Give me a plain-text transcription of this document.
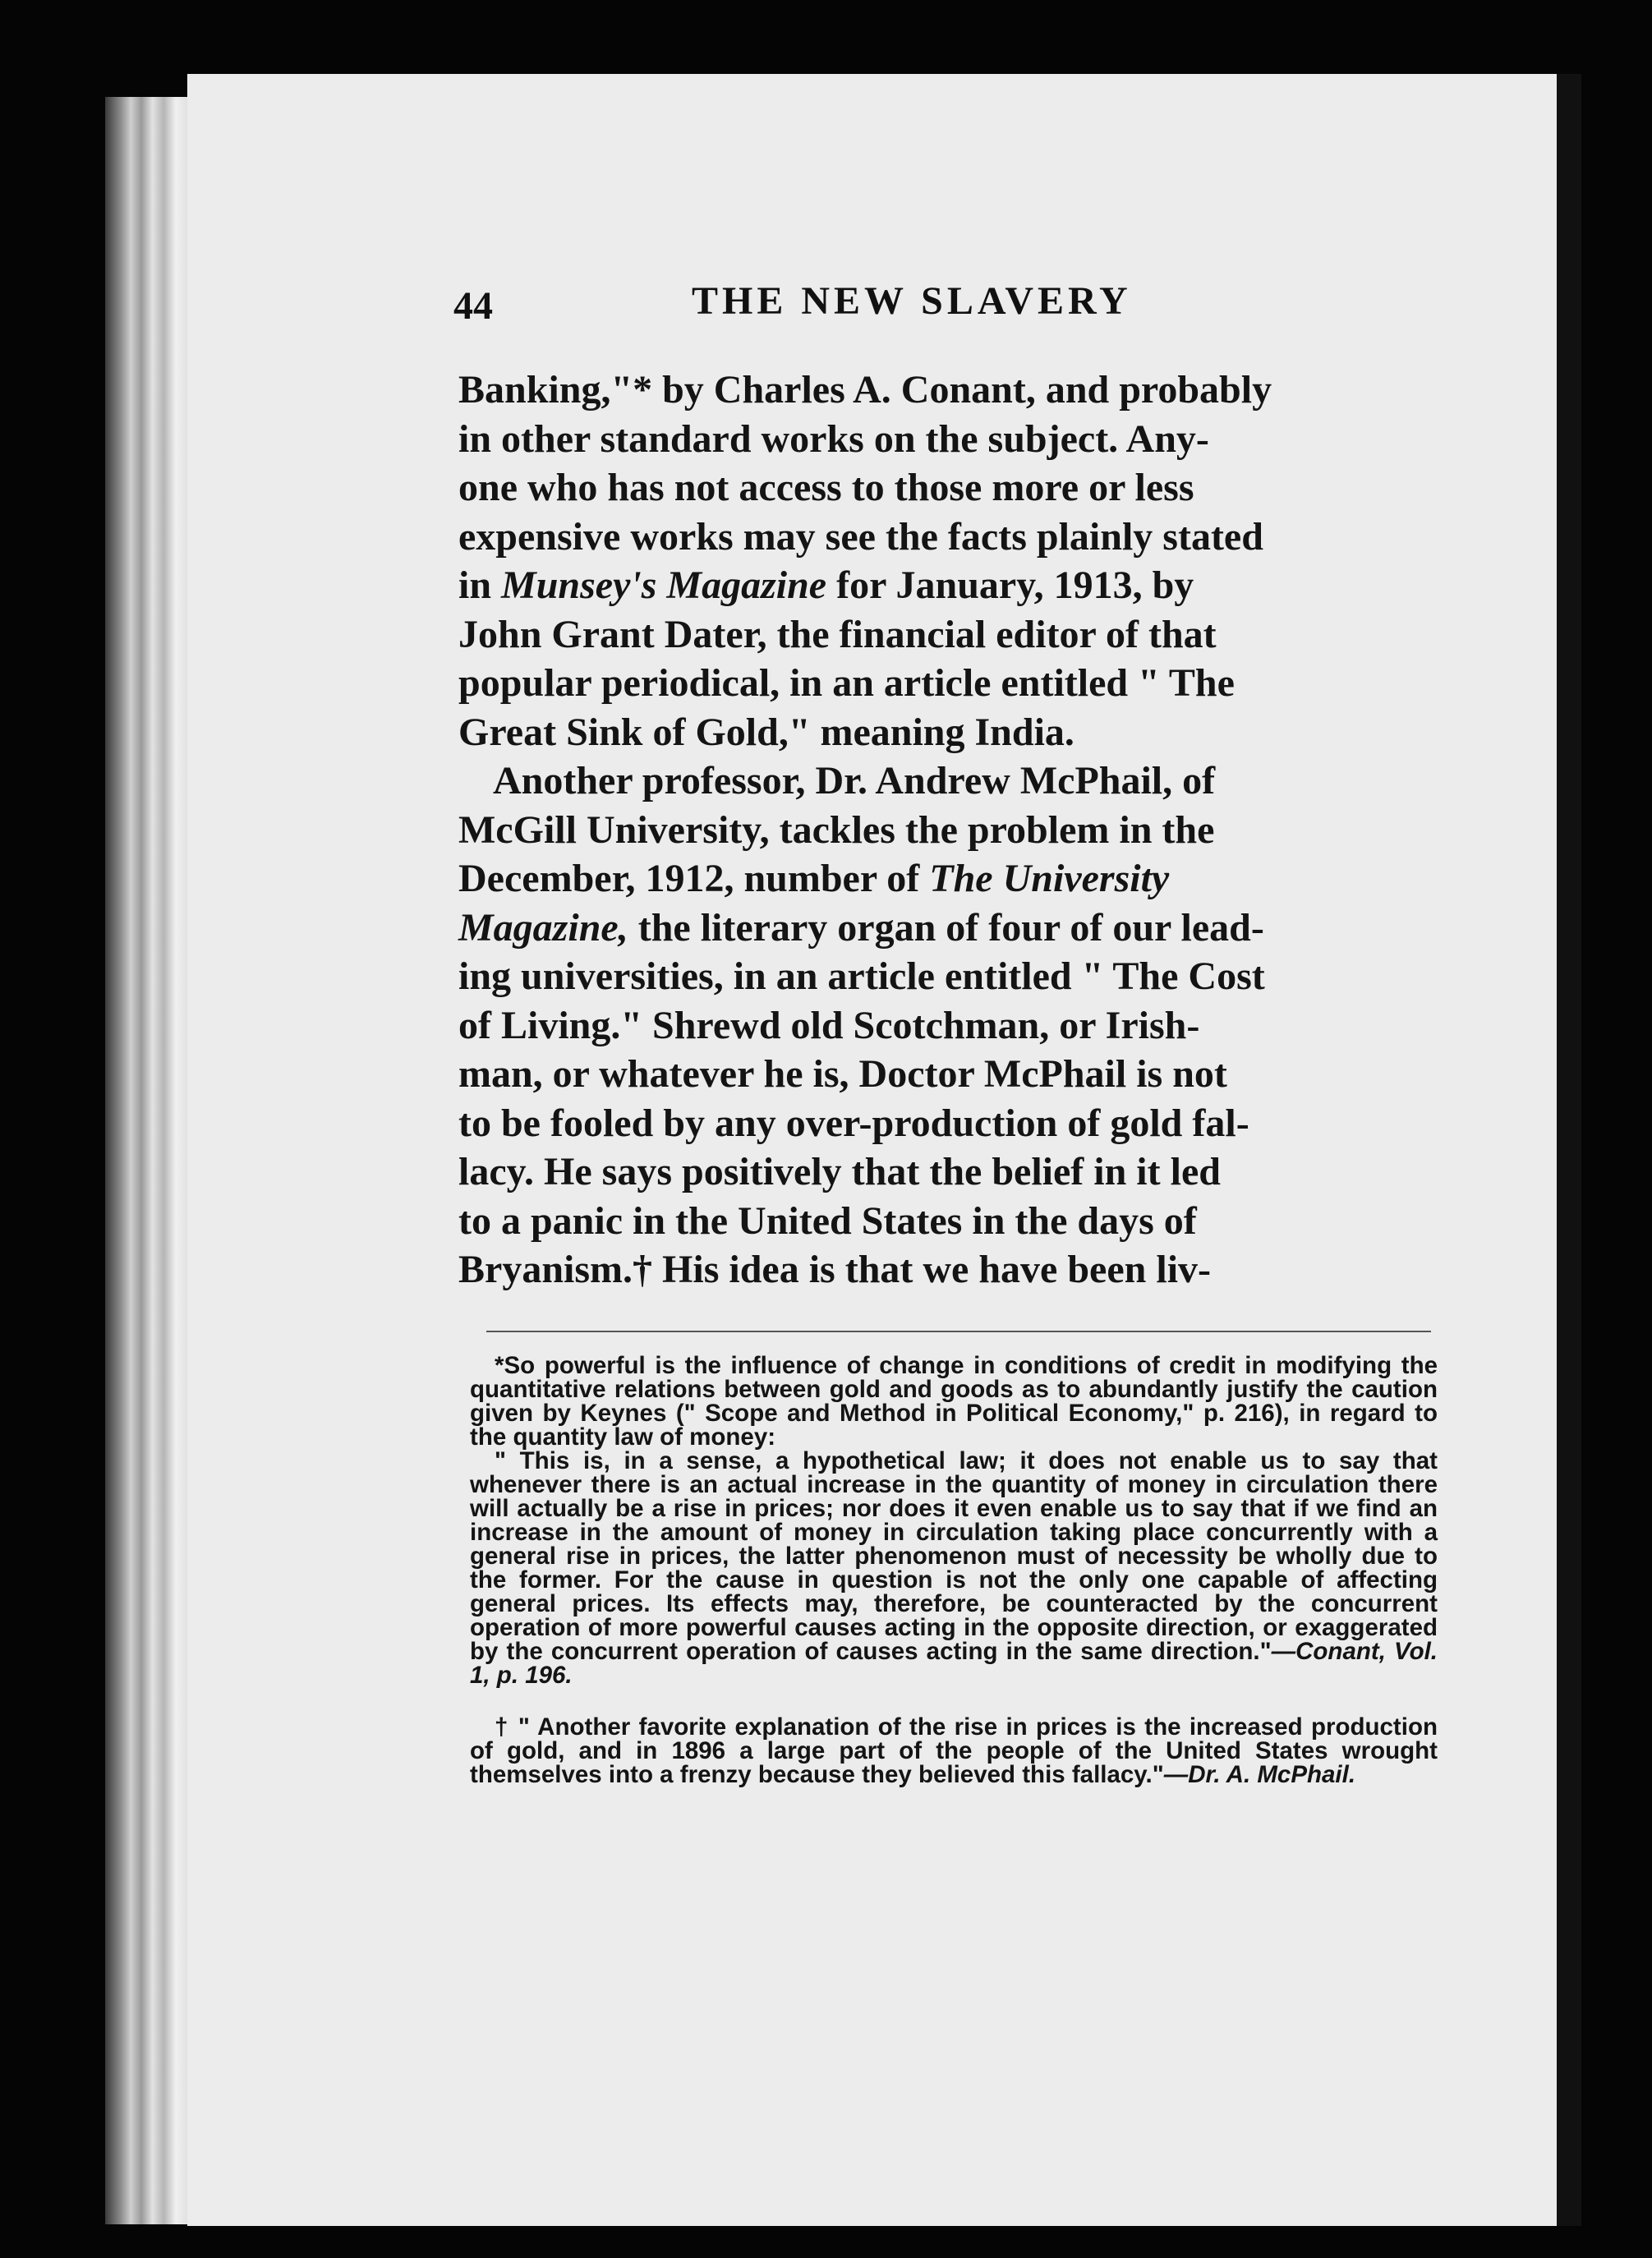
44	THE NEW SLAVERY

Banking,"* by Charles A. Conant, and probably
in other standard works on the subject. Any-
one who has not access to those more or less
expensive works may see the facts plainly stated
in Munsey's Magazine for January, 1913, by
John Grant Dater, the financial editor of that
popular periodical, in an article entitled " The
Great Sink of Gold," meaning India.

Another professor, Dr. Andrew McPhail, of
McGill University, tackles the problem in the
December, 1912, number of The University
Magazine, the literary organ of four of our lead-
ing universities, in an article entitled " The Cost
of Living." Shrewd old Scotchman, or Irish-
man, or whatever he is, Doctor McPhail is not
to be fooled by any over-production of gold fal-
lacy. He says positively that the belief in it led
to a panic in the United States in the days of
Bryanism.† His idea is that we have been liv-

*So powerful is the influence of change in conditions of credit in modifying the quantitative relations between gold and goods as to abundantly justify the caution given by Keynes (" Scope and Method in Political Economy," p. 216), in regard to the quantity law of money:

" This is, in a sense, a hypothetical law; it does not enable us to say that whenever there is an actual increase in the quantity of money in circulation there will actually be a rise in prices; nor does it even enable us to say that if we find an increase in the amount of money in circulation taking place concurrently with a general rise in prices, the latter phenomenon must of necessity be wholly due to the former. For the cause in question is not the only one capable of affecting general prices. Its effects may, therefore, be counteracted by the concurrent operation of more powerful causes acting in the opposite direction, or exaggerated by the concurrent operation of causes acting in the same direction."—Conant, Vol. 1, p. 196.

† " Another favorite explanation of the rise in prices is the increased production of gold, and in 1896 a large part of the people of the United States wrought themselves into a frenzy because they believed this fallacy."—Dr. A. McPhail.
